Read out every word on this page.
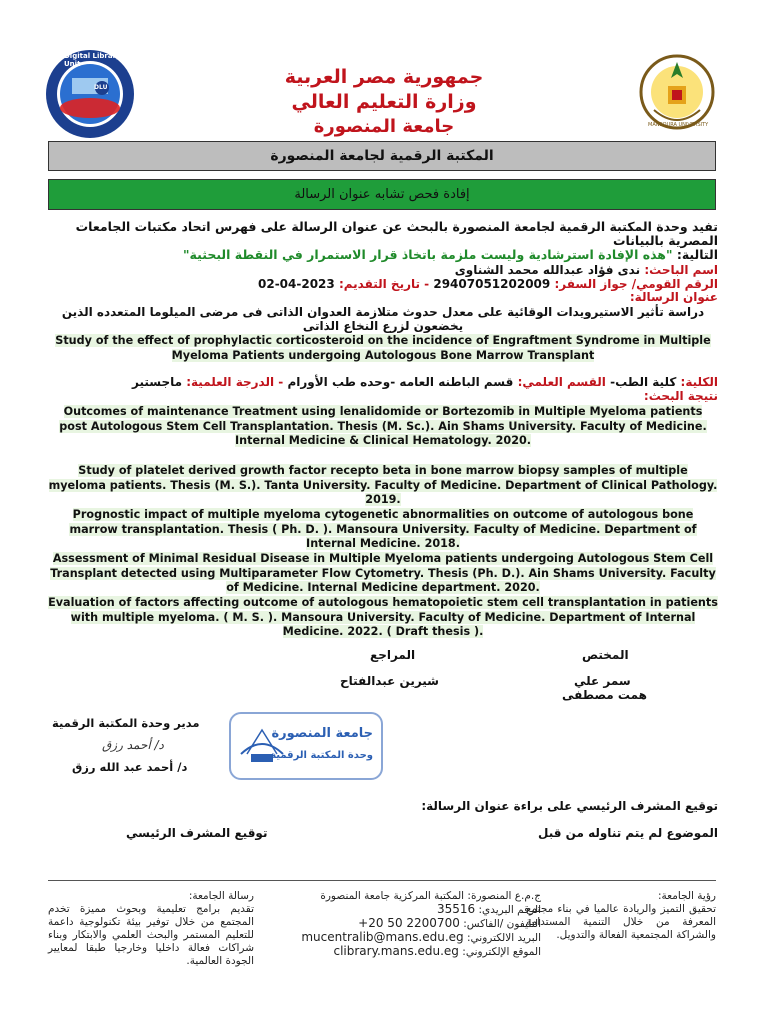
Digital Library Unit
DLU
MANSOURA UNIVERSITY
جمهورية مصر العربية
وزارة التعليم العالي
جامعة المنصورة
المكتبة الرقمية لجامعة المنصورة
إفادة فحص تشابه عنوان الرسالة
تفيد وحدة المكتبة الرقمية لجامعة المنصورة بالبحث عن عنوان الرسالة على فهرس اتحاد مكتبات الجامعات المصرية بالبيانات
التالية: "هذه الإفادة استرشادية وليست ملزمة باتخاذ قرار الاستمرار في النقطة البحثية"
اسم الباحث: ندى فؤاد عبدالله محمد الشناوى
الرقم القومي/ جواز السفر: 29407051202009 - تاريخ التقديم: 2023-04-02
عنوان الرسالة:
دراسة تأثير الاستيرويدات الوقائية على معدل حدوث متلازمة العدوان الذاتى فى مرضى الميلوما المتعدده الذين يخضعون لزرع النخاع الذاتى
Study of the effect of prophylactic corticosteroid on the incidence of Engraftment Syndrome in Multiple Myeloma Patients undergoing Autologous Bone Marrow Transplant
الكلية: كلية الطب- القسم العلمي: قسم الباطنه العامه -وحده طب الأورام - الدرجة العلمية: ماجستير
نتيجة البحث:
Outcomes of maintenance Treatment using lenalidomide or Bortezomib in Multiple Myeloma patients post Autologous Stem Cell Transplantation. Thesis (M. Sc.). Ain Shams University. Faculty of Medicine. Internal Medicine & Clinical Hematology. 2020.
Study of platelet derived growth factor recepto beta in bone marrow biopsy samples of multiple myeloma patients. Thesis (M. S.). Tanta University. Faculty of Medicine. Department of Clinical Pathology. 2019.
Prognostic impact of multiple myeloma cytogenetic abnormalities on outcome of autologous bone marrow transplantation. Thesis ( Ph. D. ). Mansoura University. Faculty of Medicine. Department of Internal Medicine. 2018.
Assessment of Minimal Residual Disease in Multiple Myeloma patients undergoing Autologous Stem Cell Transplant detected using Multiparameter Flow Cytometry. Thesis (Ph. D.). Ain Shams University. Faculty of Medicine. Internal Medicine department. 2020.
Evaluation of factors affecting outcome of autologous hematopoietic stem cell transplantation in patients with multiple myeloma. ( M. S. ). Mansoura University. Faculty of Medicine. Department of Internal Medicine. 2022. ( Draft thesis ).
المختص
سمر علي
همت مصطفى
المراجع
شيرين عبدالفتاح
جامعة المنصورة
وحدة المكتبة الرقمية
مدير وحدة المكتبة الرقمية
د/ أحمد رزق
د/ أحمد عبد الله رزق
توقيع المشرف الرئيسي على براءة عنوان الرسالة:
الموضوع لم يتم تناوله من قبل
توقيع المشرف الرئيسي
رؤية الجامعة:
تحقيق التميز والريادة عالميا في بناء مجتمع المعرفة من خلال التنمية المستدامة والشراكة المجتمعية الفعالة والتدويل.
ج.م.ع المنصورة: المكتبة المركزية جامعة المنصورة
الرقم البريدي: 35516
التليفون /الفاكس: +20 50 2200700
البريد الالكتروني: mucentralib@mans.edu.eg
الموقع الإلكتروني: clibrary.mans.edu.eg
رسالة الجامعة:
تقديم برامج تعليمية وبحوث مميزة تخدم المجتمع من خلال توفير بيئة تكنولوجية داعمة للتعليم المستمر والبحث العلمي والابتكار وبناء شراكات فعالة داخليا وخارجيا طبقا لمعايير الجودة العالمية.
